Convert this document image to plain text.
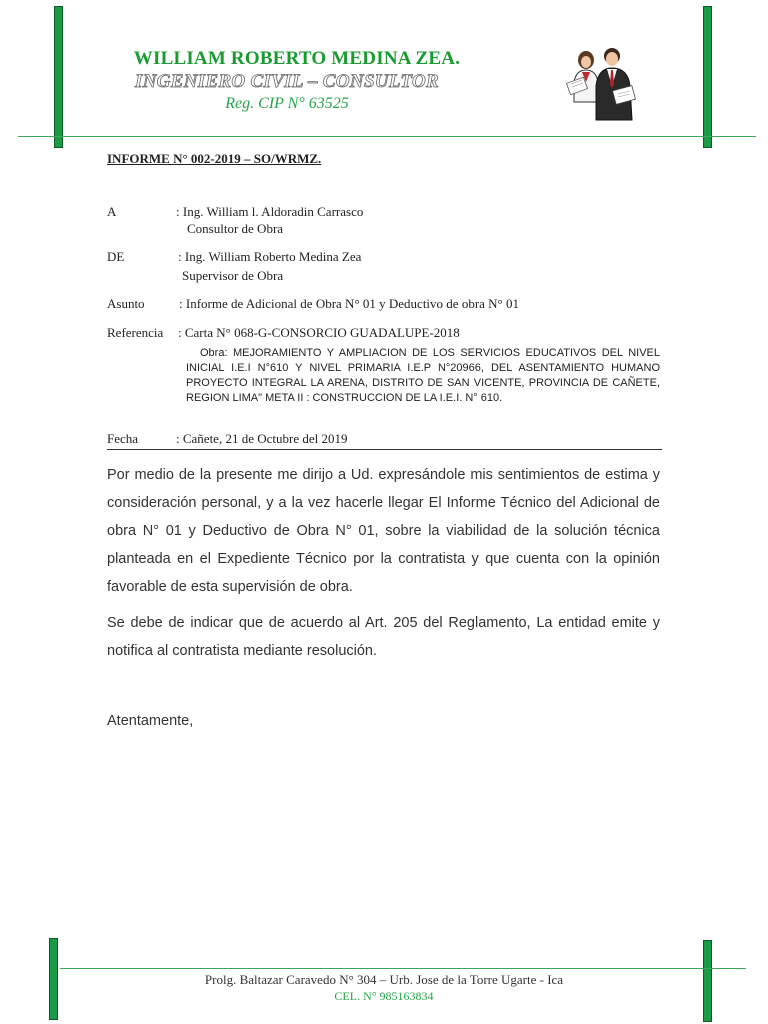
WILLIAM ROBERTO MEDINA ZEA.
INGENIERO CIVIL – CONSULTOR
Reg. CIP N° 63525
INFORME N° 002-2019 – SO/WRMZ.
A	: Ing. William l. Aldoradin Carrasco
Consultor de Obra
DE	: Ing. William Roberto Medina Zea
Supervisor de Obra
Asunto	: Informe de Adicional de Obra N° 01 y Deductivo de obra N° 01
Referencia : Carta N° 068-G-CONSORCIO GUADALUPE-2018
Obra: MEJORAMIENTO Y AMPLIACION DE LOS SERVICIOS EDUCATIVOS DEL NIVEL INICIAL I.E.I N°610 Y NIVEL PRIMARIA I.E.P N°20966, DEL ASENTAMIENTO HUMANO PROYECTO INTEGRAL LA ARENA, DISTRITO DE SAN VICENTE, PROVINCIA DE CAÑETE, REGION LIMA" META II : CONSTRUCCION DE LA I.E.I. N° 610.
Fecha	: Cañete, 21 de Octubre del 2019
Por medio de la presente me dirijo a Ud. expresándole mis sentimientos de estima y consideración personal, y a la vez hacerle llegar El Informe Técnico del Adicional de obra N° 01 y Deductivo de Obra N° 01, sobre la viabilidad de la solución técnica planteada en el Expediente Técnico por la contratista y que cuenta con la opinión favorable de esta supervisión de obra.
Se debe de indicar que de acuerdo al Art. 205 del Reglamento, La entidad emite y notifica al contratista mediante resolución.
Atentamente,
Prolg. Baltazar Caravedo N° 304 – Urb. Jose de la Torre Ugarte - Ica
CEL. N° 985163834
